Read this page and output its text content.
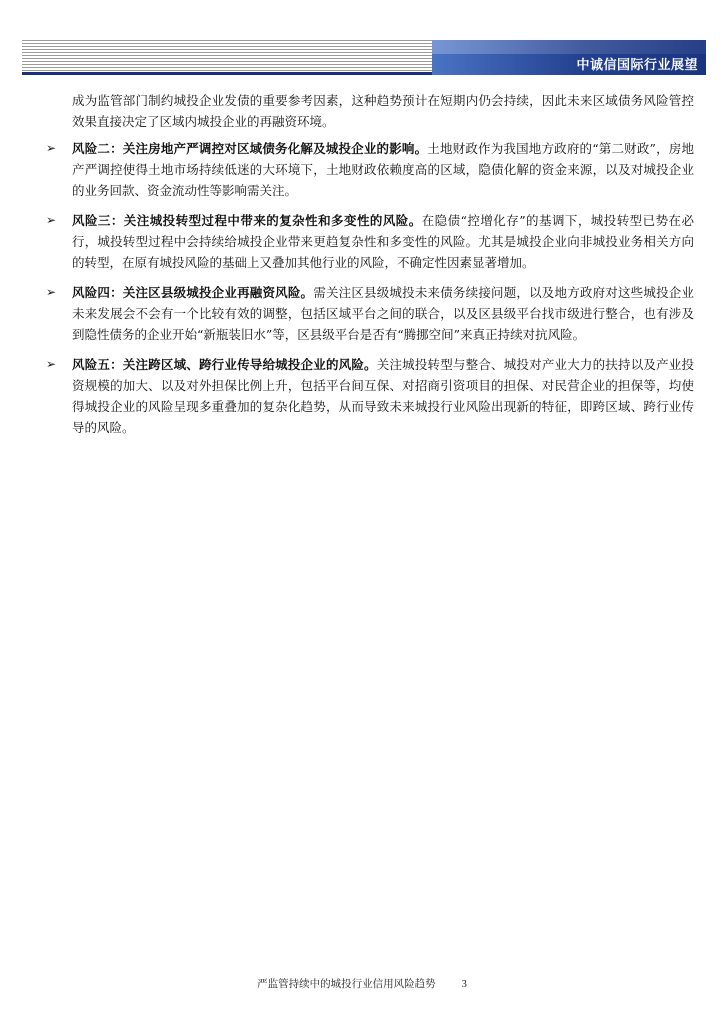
中诚信国际行业展望

成为监管部门制约城投企业发债的重要参考因素，这种趋势预计在短期内仍会持续，因此未来区域债务风险管控效果直接决定了区域内城投企业的再融资环境。

➢ 风险二：关注房地产严调控对区域债务化解及城投企业的影响。土地财政作为我国地方政府的“第二财政”，房地产严调控使得土地市场持续低迷的大环境下，土地财政依赖度高的区域，隐债化解的资金来源，以及对城投企业的业务回款、资金流动性等影响需关注。
➢ 风险三：关注城投转型过程中带来的复杂性和多变性的风险。在隐债“控增化存”的基调下，城投转型已势在必行，城投转型过程中会持续给城投企业带来更趋复杂性和多变性的风险。尤其是城投企业向非城投业务相关方向的转型，在原有城投风险的基础上又叠加其他行业的风险，不确定性因素显著增加。
➢ 风险四：关注区县级城投企业再融资风险。需关注区县级城投未来债务续接问题，以及地方政府对这些城投企业未来发展会不会有一个比较有效的调整，包括区域平台之间的联合，以及区县级平台找市级进行整合，也有涉及到隐性债务的企业开始“新瓶装旧水”等，区县级平台是否有“腾挪空间”来真正持续对抗风险。
➢ 风险五：关注跨区域、跨行业传导给城投企业的风险。关注城投转型与整合、城投对产业大力的扶持以及产业投资规模的加大、以及对外担保比例上升，包括平台间互保、对招商引资项目的担保、对民营企业的担保等，均使得城投企业的风险呈现多重叠加的复杂化趋势，从而导致未来城投行业风险出现新的特征，即跨区域、跨行业传导的风险。
严监管持续中的城投行业信用风险趋势 3
